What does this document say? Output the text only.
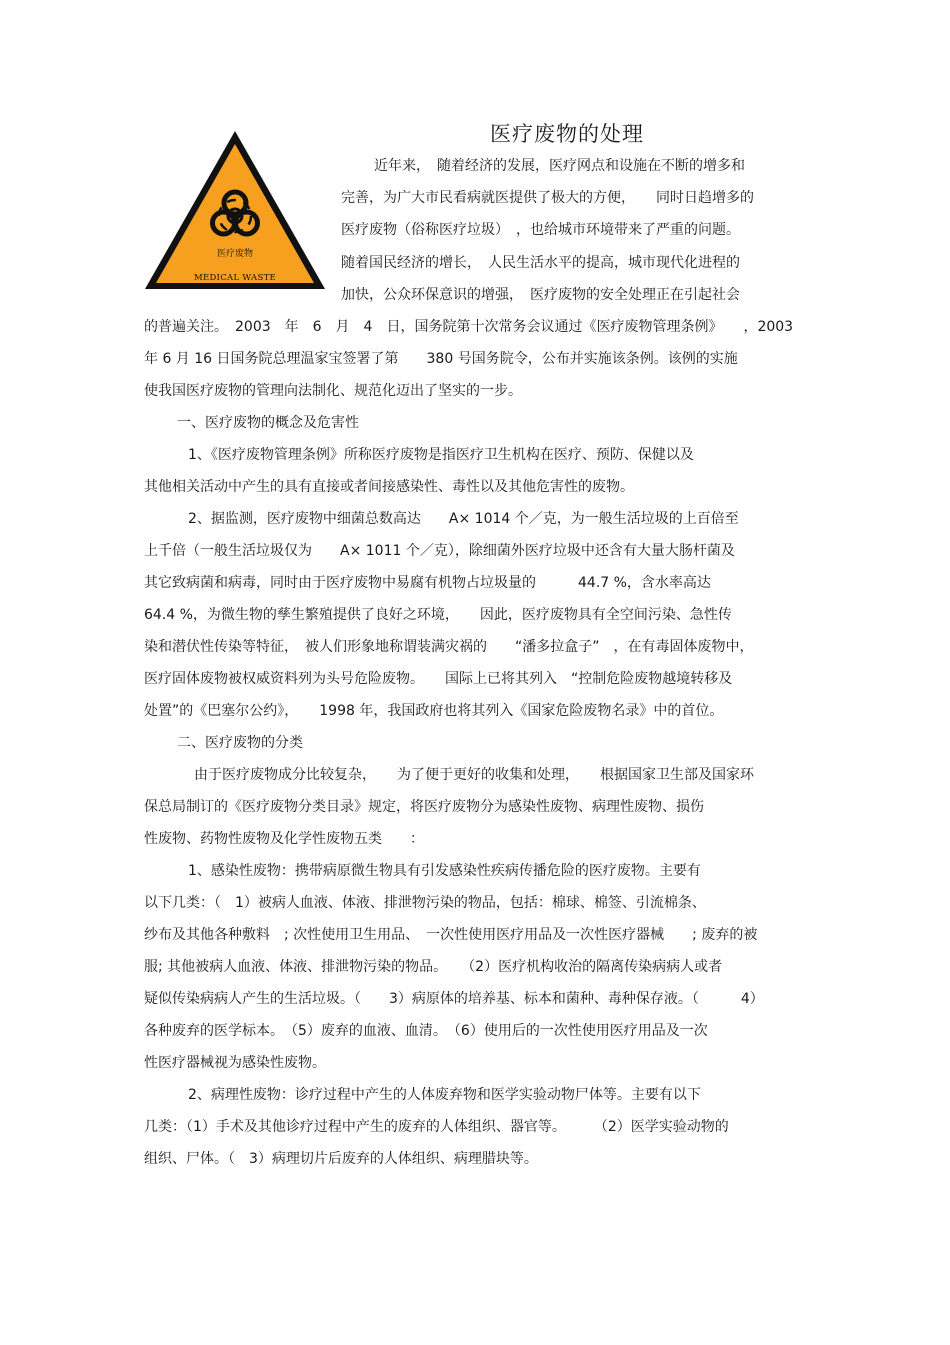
医疗废物
MEDICAL WASTE
医疗废物的处理
近年来，　随着经济的发展，医疗网点和设施在不断的增多和
完善，为广大市民看病就医提供了极大的方便，　　同时日趋增多的
医疗废物（俗称医疗垃圾）　，也给城市环境带来了严重的问题。
随着国民经济的增长，　人民生活水平的提高，城市现代化进程的
加快，公众环保意识的增强，　医疗废物的安全处理正在引起社会
的普遍关注。　2003　年　6　月　4　日，国务院第十次常务会议通过《医疗废物管理条例》　　，2003
年 6 月 16 日国务院总理温家宝签署了第　　380 号国务院令，公布并实施该条例。该例的实施
使我国医疗废物的管理向法制化、规范化迈出了坚实的一步。
一、医疗废物的概念及危害性
1、《医疗废物管理条例》所称医疗废物是指医疗卫生机构在医疗、预防、保健以及
其他相关活动中产生的具有直接或者间接感染性、毒性以及其他危害性的废物。
2、据监测，医疗废物中细菌总数高达　　A× 1014 个／克，为一般生活垃圾的上百倍至
上千倍（一般生活垃圾仅为　　A× 1011 个／克），除细菌外医疗垃圾中还含有大量大肠杆菌及
其它致病菌和病毒，同时由于医疗废物中易腐有机物占垃圾量的　　　44.7 %，含水率高达
64.4 %，为微生物的孳生繁殖提供了良好之环境，　　因此，医疗废物具有全空间污染、急性传
染和潜伏性传染等特征，　被人们形象地称谓装满灾祸的　　“潘多拉盒子”　，在有毒固体废物中，
医疗固体废物被权威资料列为头号危险废物。　　国际上已将其列入　“控制危险废物越境转移及
处置”的《巴塞尔公约》，　　1998 年，我国政府也将其列入《国家危险废物名录》中的首位。
二、医疗废物的分类
由于医疗废物成分比较复杂，　　为了便于更好的收集和处理，　　根据国家卫生部及国家环
保总局制订的《医疗废物分类目录》规定，将医疗废物分为感染性废物、病理性废物、损伤
性废物、药物性废物及化学性废物五类　　：
1、感染性废物：携带病原微生物具有引发感染性疾病传播危险的医疗废物。主要有
以下几类：（　1）被病人血液、体液、排泄物污染的物品，包括：棉球、棉签、引流棉条、
纱布及其他各种敷料　; 次性使用卫生用品、　一次性使用医疗用品及一次性医疗器械　　; 废弃的被
服; 其他被病人血液、体液、排泄物污染的物品。　　（2）医疗机构收治的隔离传染病病人或者
疑似传染病病人产生的生活垃圾。（　　3）病原体的培养基、标本和菌种、毒种保存液。（　　　4）
各种废弃的医学标本。　（5）废弃的血液、血清。　（6）使用后的一次性使用医疗用品及一次
性医疗器械视为感染性废物。
2、病理性废物：诊疗过程中产生的人体废弃物和医学实验动物尸体等。主要有以下
几类：（1）手术及其他诊疗过程中产生的废弃的人体组织、器官等。　　　（2）医学实验动物的
组织、尸体。（　3）病理切片后废弃的人体组织、病理腊块等。
